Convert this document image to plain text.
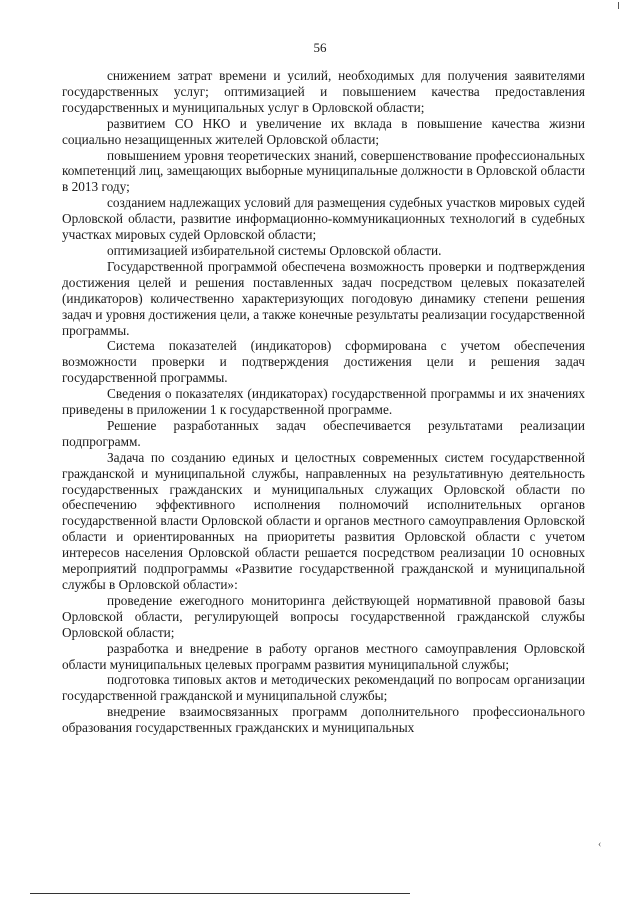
56

снижением затрат времени и усилий, необходимых для получения заявителями государственных услуг; оптимизацией и повышением качества предоставления государственных и муниципальных услуг в Орловской области;

развитием СО НКО и увеличение их вклада в повышение качества жизни социально незащищенных жителей Орловской области;

повышением уровня теоретических знаний, совершенствование профессиональных компетенций лиц, замещающих выборные муниципальные должности в Орловской области в 2013 году;

созданием надлежащих условий для размещения судебных участков мировых судей Орловской области, развитие информационно-коммуникационных технологий в судебных участках мировых судей Орловской области;

оптимизацией избирательной системы Орловской области.

Государственной программой обеспечена возможность проверки и подтверждения достижения целей и решения поставленных задач посредством целевых показателей (индикаторов) количественно характеризующих погодовую динамику степени решения задач и уровня достижения цели, а также конечные результаты реализации государственной программы.

Система показателей (индикаторов) сформирована с учетом обеспечения возможности проверки и подтверждения достижения цели и решения задач государственной программы.

Сведения о показателях (индикаторах) государственной программы и их значениях приведены в приложении 1 к государственной программе.

Решение разработанных задач обеспечивается результатами реализации подпрограмм.

Задача по созданию единых и целостных современных систем государственной гражданской и муниципальной службы, направленных на результативную деятельность государственных гражданских и муниципальных служащих Орловской области по обеспечению эффективного исполнения полномочий исполнительных органов государственной власти Орловской области и органов местного самоуправления Орловской области и ориентированных на приоритеты развития Орловской области с учетом интересов населения Орловской области решается посредством реализации 10 основных мероприятий подпрограммы «Развитие государственной гражданской и муниципальной службы в Орловской области»:

проведение ежегодного мониторинга действующей нормативной правовой базы Орловской области, регулирующей вопросы государственной гражданской службы Орловской области;

разработка и внедрение в работу органов местного самоуправления Орловской области муниципальных целевых программ развития муниципальной службы;

подготовка типовых актов и методических рекомендаций по вопросам организации государственной гражданской и муниципальной службы;

внедрение взаимосвязанных программ дополнительного профессионального образования государственных гражданских и муниципальных

‹
